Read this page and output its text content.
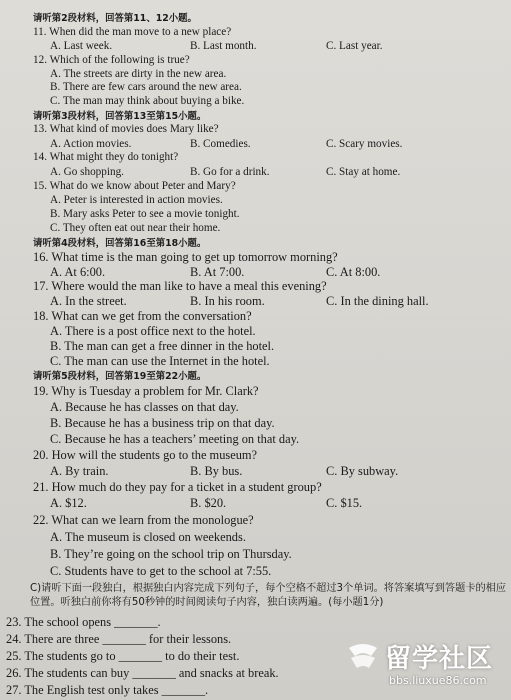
请听第2段材料，回答第11、12小题。
11. When did the man move to a new place?
A. Last week.	B. Last month.	C. Last year.
12. Which of the following is true?
A. The streets are dirty in the new area.
B. There are few cars around the new area.
C. The man may think about buying a bike.
请听第3段材料，回答第13至第15小题。
13. What kind of movies does Mary like?
A. Action movies.	B. Comedies.	C. Scary movies.
14. What might they do tonight?
A. Go shopping.	B. Go for a drink.	C. Stay at home.
15. What do we know about Peter and Mary?
A. Peter is interested in action movies.
B. Mary asks Peter to see a movie tonight.
C. They often eat out near their home.
请听第4段材料，回答第16至第18小题。
16. What time is the man going to get up tomorrow morning?
A. At 6:00.	B. At 7:00.	C. At 8:00.
17. Where would the man like to have a meal this evening?
A. In the street.	B. In his room.	C. In the dining hall.
18. What can we get from the conversation?
A. There is a post office next to the hotel.
B. The man can get a free dinner in the hotel.
C. The man can use the Internet in the hotel.
请听第5段材料，回答第19至第22小题。
19. Why is Tuesday a problem for Mr. Clark?
A. Because he has classes on that day.
B. Because he has a business trip on that day.
C. Because he has a teachers’ meeting on that day.
20. How will the students go to the museum?
A. By train.	B. By bus.	C. By subway.
21. How much do they pay for a ticket in a student group?
A. $12.	B. $20.	C. $15.
22. What can we learn from the monologue?
A. The museum is closed on weekends.
B. They’re going on the school trip on Thursday.
C. Students have to get to the school at 7:55.
C)请听下面一段独白，根据独白内容完成下列句子，每个空格不超过3个单词。将答案填写到答题卡的相应位置。听独白前你将有50秒钟的时间阅读句子内容，独白读两遍。(每小题1分)
23. The school opens _______.
24. There are three _______ for their lessons.
25. The students go to _______ to do their test.
26. The students can buy _______ and snacks at break.
27. The English test only takes _______.
留学社区
bbs.liuxue86.com
